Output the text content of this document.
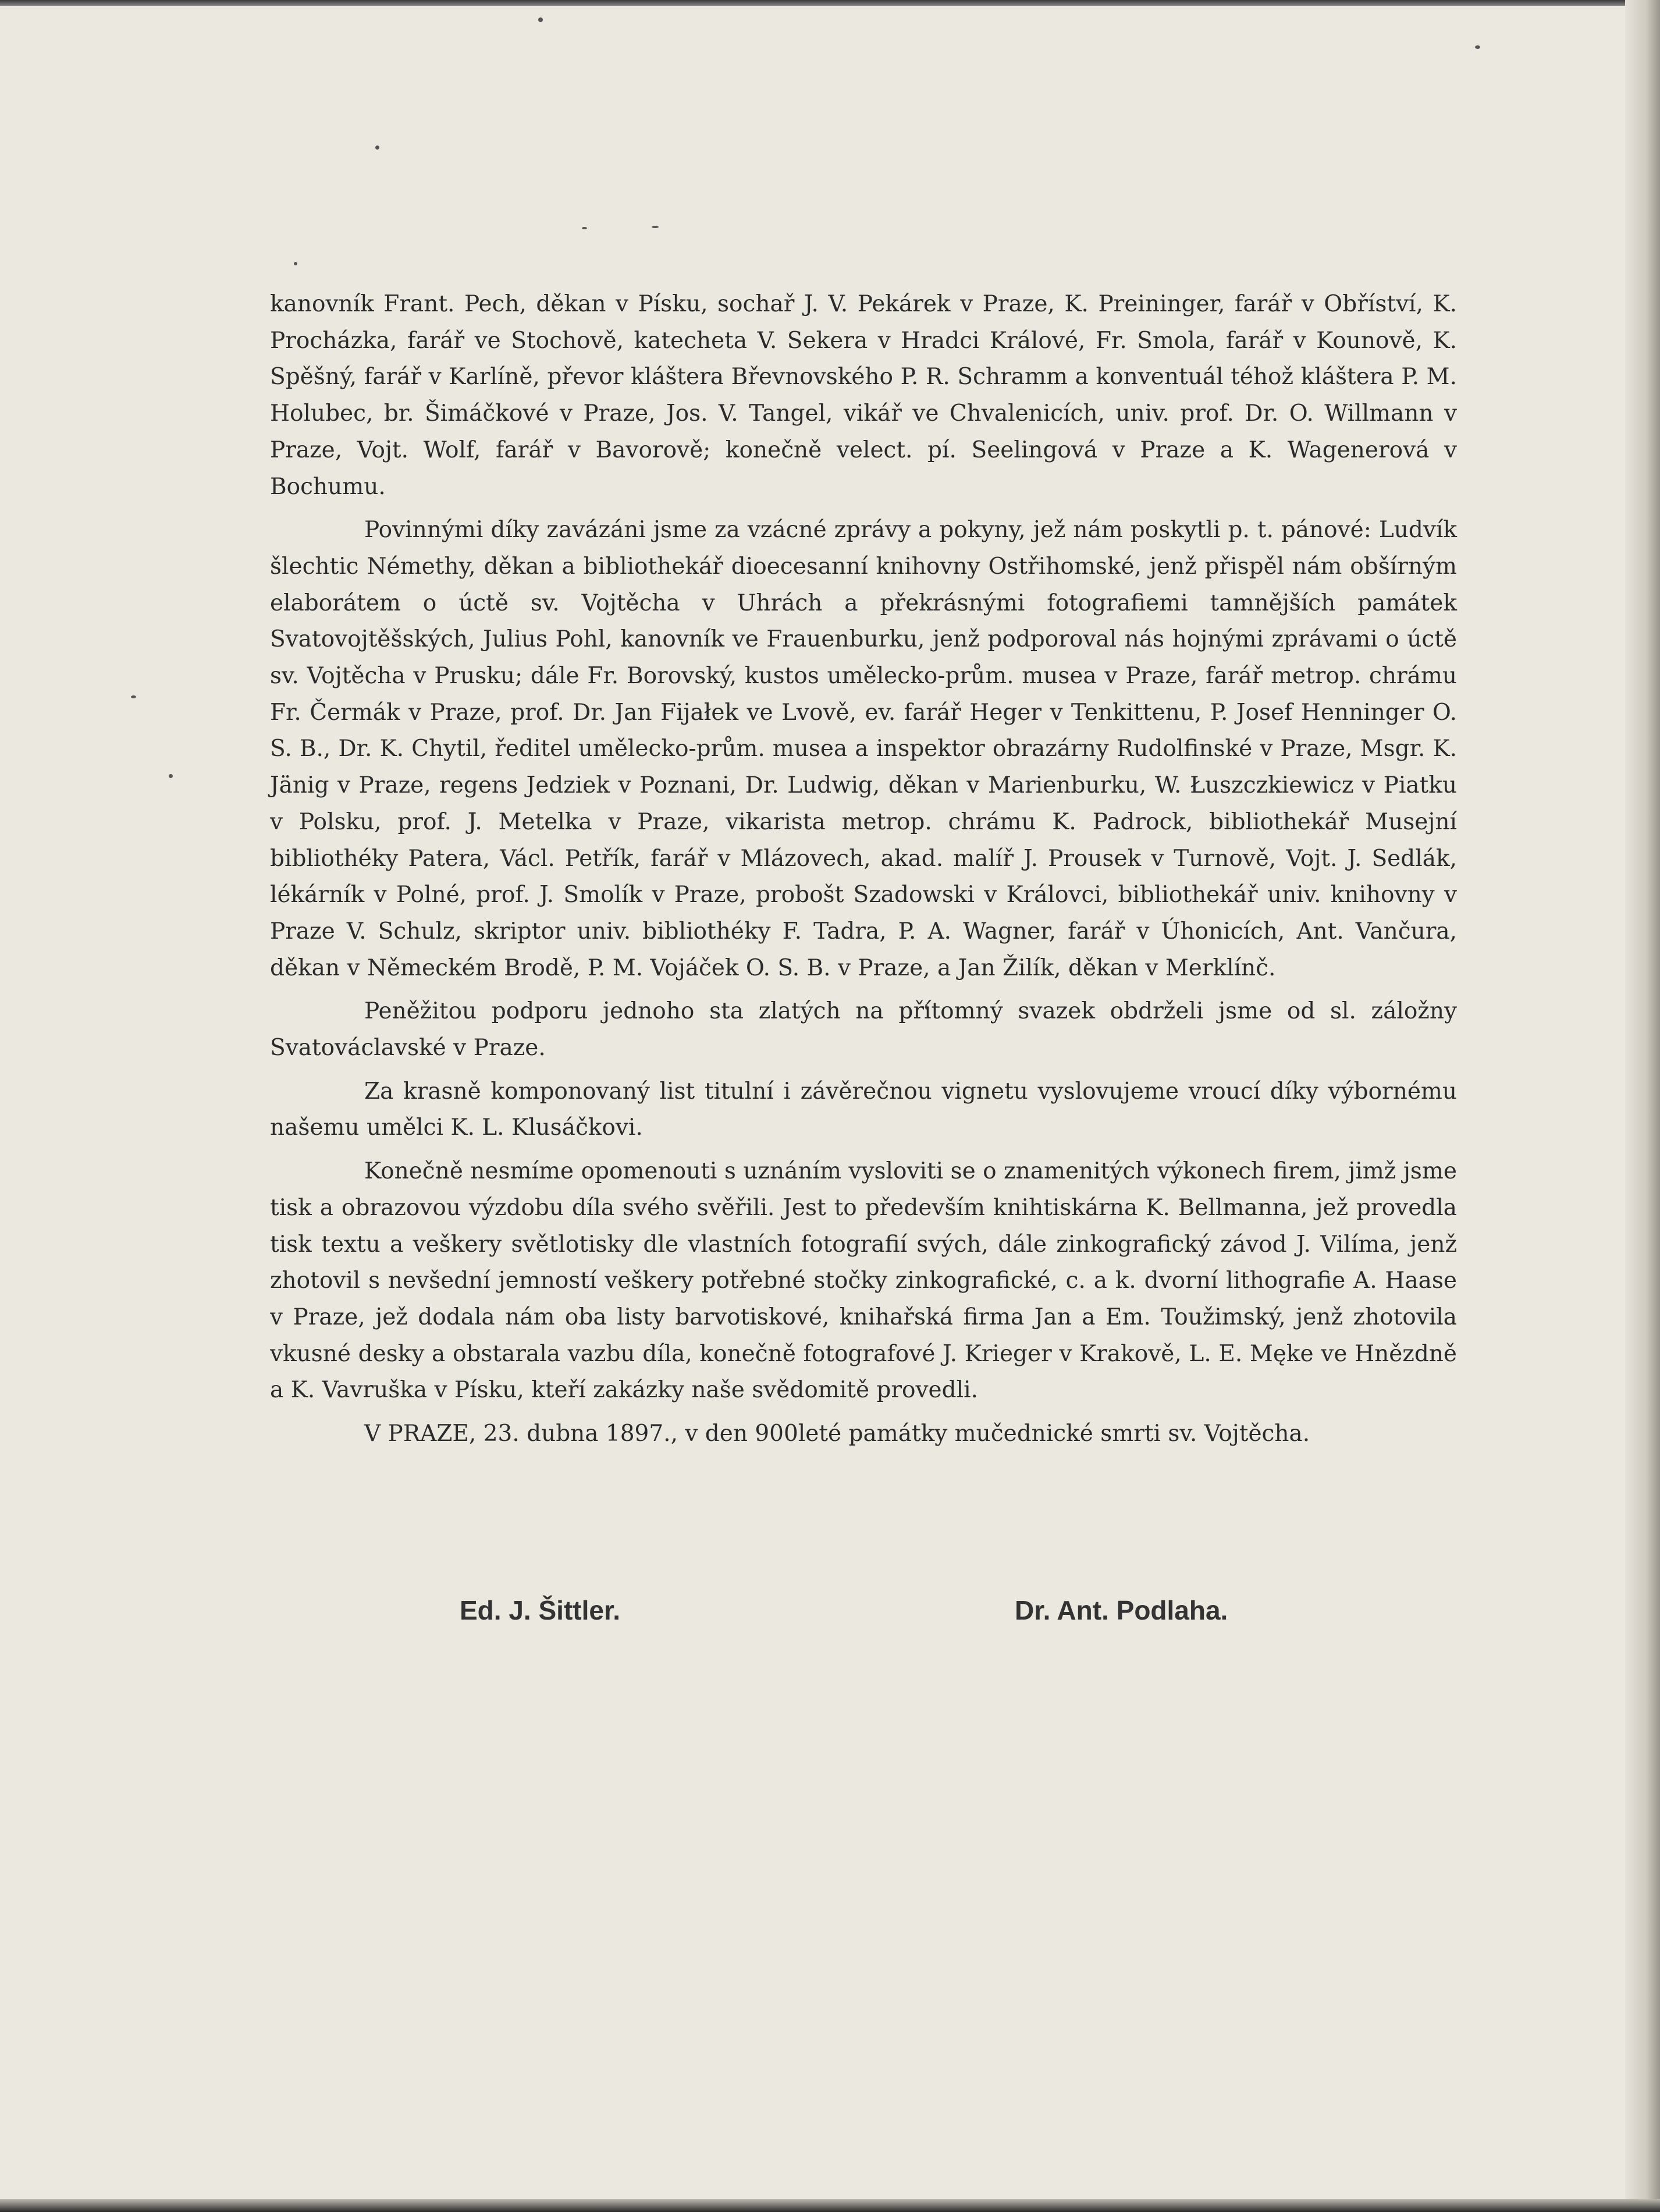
kanovník Frant. Pech, děkan v Písku, sochař J. V. Pekárek v Praze, K. Preininger, farář v Obříství, K. Procházka, farář ve Stochově, katecheta V. Sekera v Hradci Králové, Fr. Smola, farář v Kounově, K. Spěšný, farář v Karlíně, převor kláštera Břevnovského P. R. Schramm a konventuál téhož kláštera P. M. Holubec, br. Šimáčkové v Praze, Jos. V. Tangel, vikář ve Chvalenicích, univ. prof. Dr. O. Willmann v Praze, Vojt. Wolf, farář v Bavorově; konečně velect. pí. Seelingová v Praze a K. Wagenerová v Bochumu.

Povinnými díky zavázáni jsme za vzácné zprávy a pokyny, jež nám poskytli p. t. pánové: Ludvík šlechtic Némethy, děkan a bibliothekář dioecesanní knihovny Ostřihomské, jenž přispěl nám obšírným elaborátem o úctě sv. Vojtěcha v Uhrách a překrásnými fotografiemi tamnějších památek Svatovojtěšských, Julius Pohl, kanovník ve Frauenburku, jenž podporoval nás hojnými zprávami o úctě sv. Vojtěcha v Prusku; dále Fr. Borovský, kustos umělecko-prům. musea v Praze, farář metrop. chrámu Fr. Čermák v Praze, prof. Dr. Jan Fijałek ve Lvově, ev. farář Heger v Tenkittenu, P. Josef Henninger O. S. B., Dr. K. Chytil, ředitel umělecko-prům. musea a inspektor obrazárny Rudolfinské v Praze, Msgr. K. Jänig v Praze, regens Jedziek v Poznani, Dr. Ludwig, děkan v Marienburku, W. Łuszczkiewicz v Piatku v Polsku, prof. J. Metelka v Praze, vikarista metrop. chrámu K. Padrock, bibliothekář Musejní bibliothéky Patera, Václ. Petřík, farář v Mlázovech, akad. malíř J. Prousek v Turnově, Vojt. J. Sedlák, lékárník v Polné, prof. J. Smolík v Praze, probošt Szadowski v Královci, bibliothekář univ. knihovny v Praze V. Schulz, skriptor univ. bibliothéky F. Tadra, P. A. Wagner, farář v Úhonicích, Ant. Vančura, děkan v Německém Brodě, P. M. Vojáček O. S. B. v Praze, a Jan Žilík, děkan v Merklínč.

Peněžitou podporu jednoho sta zlatých na přítomný svazek obdrželi jsme od sl. záložny Svatováclavské v Praze.

Za krasně komponovaný list titulní i závěrečnou vignetu vyslovujeme vroucí díky výbornému našemu umělci K. L. Klusáčkovi.

Konečně nesmíme opomenouti s uznáním vysloviti se o znamenitých výkonech firem, jimž jsme tisk a obrazovou výzdobu díla svého svěřili. Jest to především knihtiskárna K. Bellmanna, jež provedla tisk textu a veškery světlotisky dle vlastních fotografií svých, dále zinkografický závod J. Vilíma, jenž zhotovil s nevšední jemností veškery potřebné stočky zinkografické, c. a k. dvorní lithografie A. Haase v Praze, jež dodala nám oba listy barvotiskové, knihařská firma Jan a Em. Toužimský, jenž zhotovila vkusné desky a obstarala vazbu díla, konečně fotografové J. Krieger v Krakově, L. E. Męke ve Hnězdně a K. Vavruška v Písku, kteří zakázky naše svědomitě provedli.

V PRAZE, 23. dubna 1897., v den 900leté památky mučednické smrti sv. Vojtěcha.

Ed. J. Šittler.	Dr. Ant. Podlaha.
